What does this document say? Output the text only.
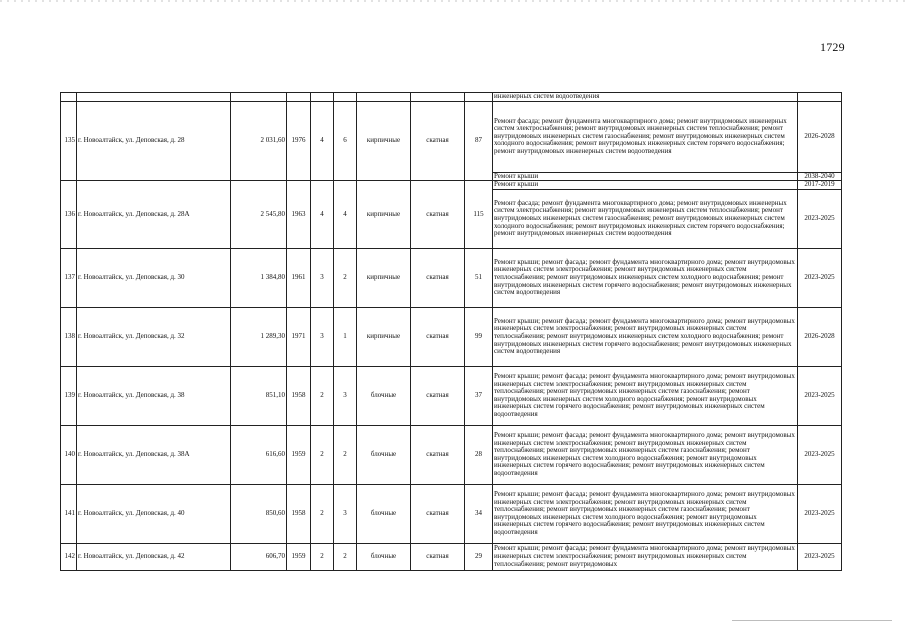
1729
									инженерных систем водоотведения	
135	г. Новоалтайск, ул. Деповская, д. 28	2 031,60	1976	4	6	кирпичные	скатная	87	Ремонт фасада; ремонт фундамента многоквартирного дома; ремонт внутридомовых инженерных систем электроснабжения; ремонт внутридомовых инженерных систем теплоснабжения; ремонт внутридомовых инженерных систем газоснабжения; ремонт внутридомовых инженерных систем холодного водоснабжения; ремонт внутридомовых инженерных систем горячего водоснабжения; ремонт внутридомовых инженерных систем водоотведения	2026-2028
									Ремонт крыши	2038-2040
136	г. Новоалтайск, ул. Деповская, д. 28А	2 545,80	1963	4	4	кирпичные	скатная	115	Ремонт крыши	2017-2019
									Ремонт фасада; ремонт фундамента многоквартирного дома; ремонт внутридомовых инженерных систем электроснабжения; ремонт внутридомовых инженерных систем теплоснабжения; ремонт внутридомовых инженерных систем газоснабжения; ремонт внутридомовых инженерных систем холодного водоснабжения; ремонт внутридомовых инженерных систем горячего водоснабжения; ремонт внутридомовых инженерных систем водоотведения	2023-2025
137	г. Новоалтайск, ул. Деповская, д. 30	1 384,80	1961	3	2	кирпичные	скатная	51	Ремонт крыши; ремонт фасада; ремонт фундамента многоквартирного дома; ремонт внутридомовых инженерных систем электроснабжения; ремонт внутридомовых инженерных систем теплоснабжения; ремонт внутридомовых инженерных систем холодного водоснабжения; ремонт внутридомовых инженерных систем горячего водоснабжения; ремонт внутридомовых инженерных систем водоотведения	2023-2025
138	г. Новоалтайск, ул. Деповская, д. 32	1 289,30	1971	3	1	кирпичные	скатная	99	Ремонт крыши; ремонт фасада; ремонт фундамента многоквартирного дома; ремонт внутридомовых инженерных систем электроснабжения; ремонт внутридомовых инженерных систем теплоснабжения; ремонт внутридомовых инженерных систем холодного водоснабжения; ремонт внутридомовых инженерных систем горячего водоснабжения; ремонт внутридомовых инженерных систем водоотведения	2026-2028
139	г. Новоалтайск, ул. Деповская, д. 38	851,10	1958	2	3	блочные	скатная	37	Ремонт крыши; ремонт фасада; ремонт фундамента многоквартирного дома; ремонт внутридомовых инженерных систем электроснабжения; ремонт внутридомовых инженерных систем теплоснабжения; ремонт внутридомовых инженерных систем газоснабжения; ремонт внутридомовых инженерных систем холодного водоснабжения; ремонт внутридомовых инженерных систем горячего водоснабжения; ремонт внутридомовых инженерных систем водоотведения	2023-2025
140	г. Новоалтайск, ул. Деповская, д. 38А	616,60	1959	2	2	блочные	скатная	28	Ремонт крыши; ремонт фасада; ремонт фундамента многоквартирного дома; ремонт внутридомовых инженерных систем электроснабжения; ремонт внутридомовых инженерных систем теплоснабжения; ремонт внутридомовых инженерных систем газоснабжения; ремонт внутридомовых инженерных систем холодного водоснабжения; ремонт внутридомовых инженерных систем горячего водоснабжения; ремонт внутридомовых инженерных систем водоотведения	2023-2025
141	г. Новоалтайск, ул. Деповская, д. 40	850,60	1958	2	3	блочные	скатная	34	Ремонт крыши; ремонт фасада; ремонт фундамента многоквартирного дома; ремонт внутридомовых инженерных систем электроснабжения; ремонт внутридомовых инженерных систем теплоснабжения; ремонт внутридомовых инженерных систем газоснабжения; ремонт внутридомовых инженерных систем холодного водоснабжения; ремонт внутридомовых инженерных систем горячего водоснабжения; ремонт внутридомовых инженерных систем водоотведения	2023-2025
142	г. Новоалтайск, ул. Деповская, д. 42	606,70	1959	2	2	блочные	скатная	29	Ремонт крыши; ремонт фасада; ремонт фундамента многоквартирного дома; ремонт внутридомовых инженерных систем электроснабжения; ремонт внутридомовых инженерных систем теплоснабжения; ремонт внутридомовых	2023-2025
